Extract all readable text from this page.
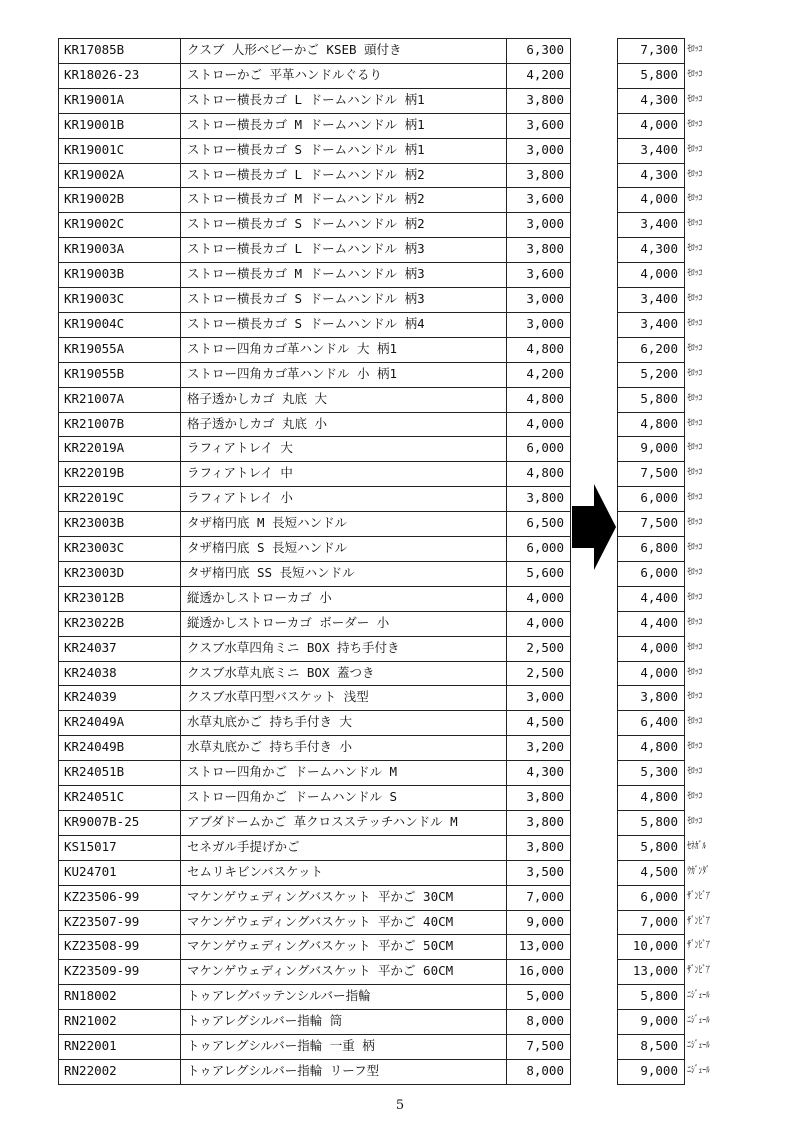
KR17085B	クスブ 人形ベビーかご KSEB 頭付き	6,300	7,300 ﾓﾛｯｺ
KR18026-23	ストローかご 平革ハンドルぐるり	4,200	5,800 ﾓﾛｯｺ
KR19001A	ストロー横長カゴ L ドームハンドル 柄1	3,800	4,300 ﾓﾛｯｺ
KR19001B	ストロー横長カゴ M ドームハンドル 柄1	3,600	4,000 ﾓﾛｯｺ
KR19001C	ストロー横長カゴ S ドームハンドル 柄1	3,000	3,400 ﾓﾛｯｺ
KR19002A	ストロー横長カゴ L ドームハンドル 柄2	3,800	4,300 ﾓﾛｯｺ
KR19002B	ストロー横長カゴ M ドームハンドル 柄2	3,600	4,000 ﾓﾛｯｺ
KR19002C	ストロー横長カゴ S ドームハンドル 柄2	3,000	3,400 ﾓﾛｯｺ
KR19003A	ストロー横長カゴ L ドームハンドル 柄3	3,800	4,300 ﾓﾛｯｺ
KR19003B	ストロー横長カゴ M ドームハンドル 柄3	3,600	4,000 ﾓﾛｯｺ
KR19003C	ストロー横長カゴ S ドームハンドル 柄3	3,000	3,400 ﾓﾛｯｺ
KR19004C	ストロー横長カゴ S ドームハンドル 柄4	3,000	3,400 ﾓﾛｯｺ
KR19055A	ストロー四角カゴ革ハンドル 大 柄1	4,800	6,200 ﾓﾛｯｺ
KR19055B	ストロー四角カゴ革ハンドル 小 柄1	4,200	5,200 ﾓﾛｯｺ
KR21007A	格子透かしカゴ 丸底 大	4,800	5,800 ﾓﾛｯｺ
KR21007B	格子透かしカゴ 丸底 小	4,000	4,800 ﾓﾛｯｺ
KR22019A	ラフィアトレイ 大	6,000	9,000 ﾓﾛｯｺ
KR22019B	ラフィアトレイ 中	4,800	7,500 ﾓﾛｯｺ
KR22019C	ラフィアトレイ 小	3,800	6,000 ﾓﾛｯｺ
KR23003B	タザ楕円底 M 長短ハンドル	6,500	7,500 ﾓﾛｯｺ
KR23003C	タザ楕円底 S 長短ハンドル	6,000	6,800 ﾓﾛｯｺ
KR23003D	タザ楕円底 SS 長短ハンドル	5,600	6,000 ﾓﾛｯｺ
KR23012B	縦透かしストローカゴ 小	4,000	4,400 ﾓﾛｯｺ
KR23022B	縦透かしストローカゴ ボーダー 小	4,000	4,400 ﾓﾛｯｺ
KR24037	クスブ水草四角ミニ BOX 持ち手付き	2,500	4,000 ﾓﾛｯｺ
KR24038	クスブ水草丸底ミニ BOX 蓋つき	2,500	4,000 ﾓﾛｯｺ
KR24039	クスブ水草円型バスケット 浅型	3,000	3,800 ﾓﾛｯｺ
KR24049A	水草丸底かご 持ち手付き 大	4,500	6,400 ﾓﾛｯｺ
KR24049B	水草丸底かご 持ち手付き 小	3,200	4,800 ﾓﾛｯｺ
KR24051B	ストロー四角かご ドームハンドル M	4,300	5,300 ﾓﾛｯｺ
KR24051C	ストロー四角かご ドームハンドル S	3,800	4,800 ﾓﾛｯｺ
KR9007B-25	アブダドームかご 革クロスステッチハンドル M	3,800	5,800 ﾓﾛｯｺ
KS15017	セネガル手提げかご	3,800	5,800 ｾﾈｶﾞﾙ
KU24701	セムリキビンバスケット	3,500	4,500 ｳｶﾞﾝﾀﾞ
KZ23506-99	マケンゲウェディングバスケット 平かご 30CM	7,000	6,000 ｻﾞﾝﾋﾞｱ
KZ23507-99	マケンゲウェディングバスケット 平かご 40CM	9,000	7,000 ｻﾞﾝﾋﾞｱ
KZ23508-99	マケンゲウェディングバスケット 平かご 50CM	13,000	10,000 ｻﾞﾝﾋﾞｱ
KZ23509-99	マケンゲウェディングバスケット 平かご 60CM	16,000	13,000 ｻﾞﾝﾋﾞｱ
RN18002	トゥアレグバッテンシルバー指輪	5,000	5,800 ﾆｼﾞｪｰﾙ
RN21002	トゥアレグシルバー指輪 筒	8,000	9,000 ﾆｼﾞｪｰﾙ
RN22001	トゥアレグシルバー指輪 一重 柄	7,500	8,500 ﾆｼﾞｪｰﾙ
RN22002	トゥアレグシルバー指輪 リーフ型	8,000	9,000 ﾆｼﾞｪｰﾙ
5
